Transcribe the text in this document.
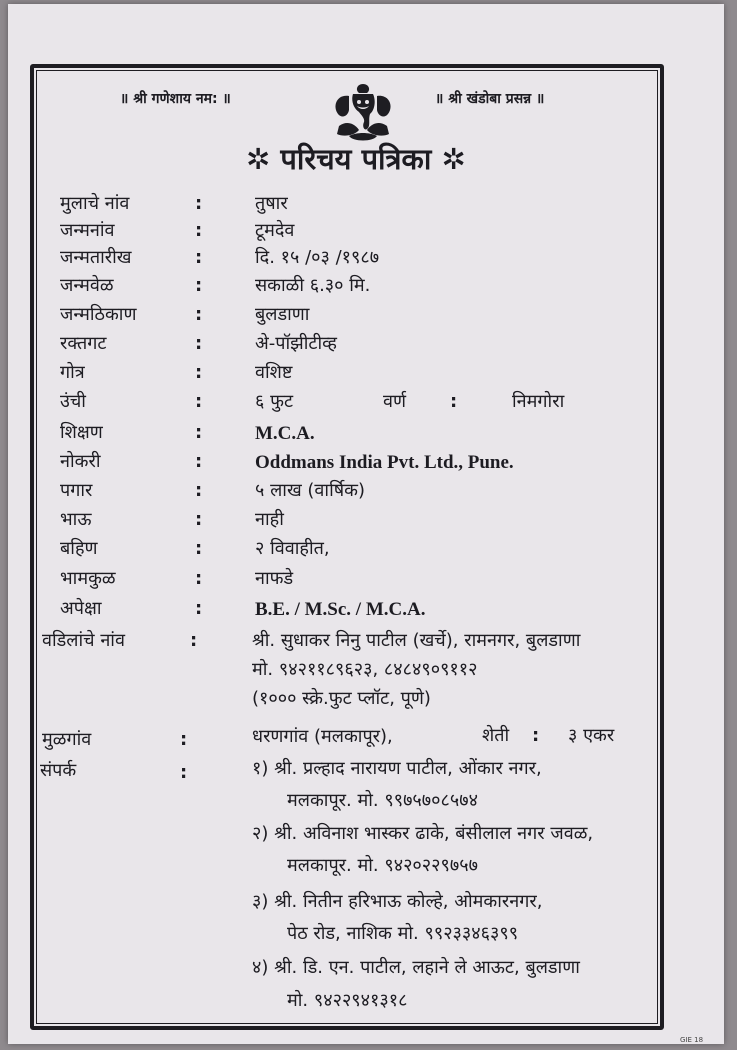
॥ श्री गणेशाय नम: ॥	॥ श्री खंडोबा प्रसन्न ॥
✲ परिचय पत्रिका ✲
मुलाचे नांव	:	तुषार
जन्मनांव	:	टूमदेव
जन्मतारीख	:	दि. १५ /०३ /१९८७
जन्मवेळ	:	सकाळी ६.३० मि.
जन्मठिकाण	:	बुलडाणा
रक्तगट	:	अे-पॉझीटीव्ह
गोत्र	:	वशिष्ट
उंची	:	६ फुट	वर्ण :	निमगोरा
शिक्षण	:	M.C.A.
नोकरी	:	Oddmans India Pvt. Ltd., Pune.
पगार	:	५ लाख (वार्षिक)
भाऊ	:	नाही
बहिण	:	२ विवाहीत,
भामकुळ	:	नाफडे
अपेक्षा	:	B.E. / M.Sc. / M.C.A.
वडिलांचे नांव	:	श्री. सुधाकर निनु पाटील (खर्चे), रामनगर, बुलडाणा
मो. ९४२११८९६२३, ८४८४९०९११२
(१००० स्क्रे.फुट प्लॉट, पूणे)
मुळगांव	:	धरणगांव (मलकापूर),	शेती : ३ एकर
संपर्क	:	१) श्री. प्रल्हाद नारायण पाटील, ओंकार नगर,
मलकापूर. मो. ९९७५७०८५७४
२) श्री. अविनाश भास्कर ढाके, बंसीलाल नगर जवळ,
मलकापूर. मो. ९४२०२२९७५७
३) श्री. नितीन हरिभाऊ कोल्हे, ओमकारनगर,
पेठ रोड, नाशिक मो. ९९२३३४६३९९
४) श्री. डि. एन. पाटील, लहाने ले आऊट, बुलडाणा
मो. ९४२२९४१३१८
GIE 18
